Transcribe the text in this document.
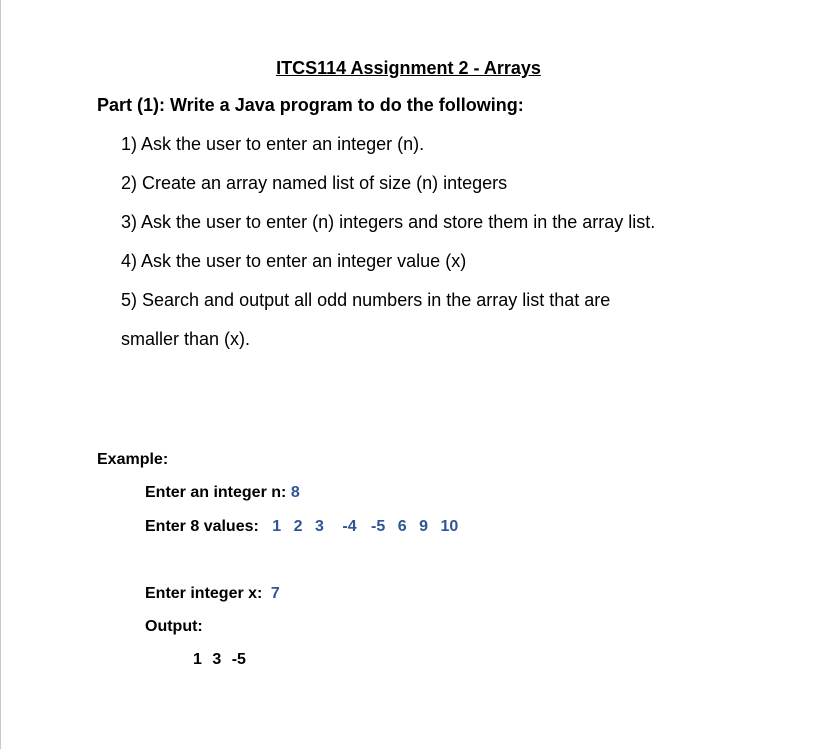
ITCS114 Assignment 2 - Arrays
Part (1): Write a Java program to do the following:
1) Ask the user to enter an integer (n).
2) Create an array named list of size (n) integers
3) Ask the user to enter (n) integers and store them in the array list.
4) Ask the user to enter an integer value (x)
5) Search and output all odd numbers in the array list that are
smaller than (x).
Example:
Enter an integer n: 8
Enter 8 values: 1 2 3 -4 -5 6 9 10
Enter integer x: 7
Output:
1 3 -5
